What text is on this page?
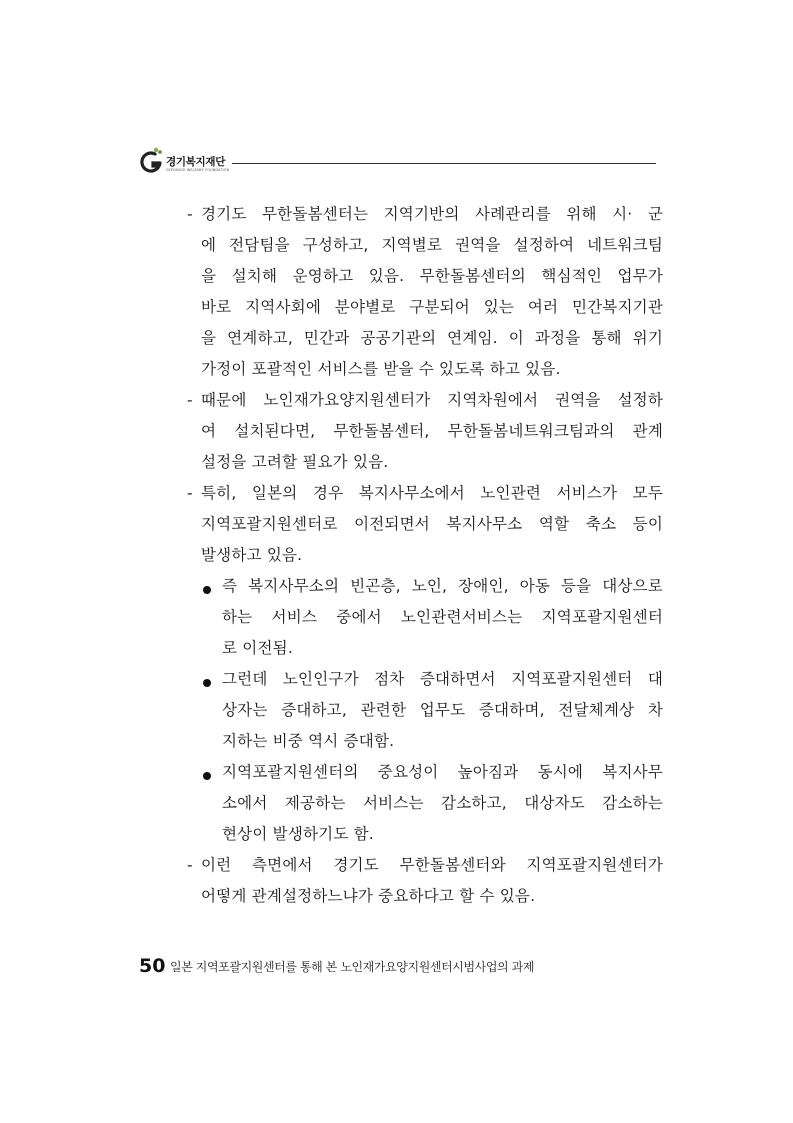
경기복지재단
GYEONGGI WELFARE FOUNDATION
- 경기도 무한돌봄센터는 지역기반의 사례관리를 위해 시· 군
에 전담팀을 구성하고, 지역별로 권역을 설정하여 네트워크팀
을 설치해 운영하고 있음. 무한돌봄센터의 핵심적인 업무가
바로 지역사회에 분야별로 구분되어 있는 여러 민간복지기관
을 연계하고, 민간과 공공기관의 연계임. 이 과정을 통해 위기
가정이 포괄적인 서비스를 받을 수 있도록 하고 있음.
- 때문에 노인재가요양지원센터가 지역차원에서 권역을 설정하
여 설치된다면, 무한돌봄센터, 무한돌봄네트워크팀과의 관계
설정을 고려할 필요가 있음.
- 특히, 일본의 경우 복지사무소에서 노인관련 서비스가 모두
지역포괄지원센터로 이전되면서 복지사무소 역할 축소 등이
발생하고 있음.
즉 복지사무소의 빈곤층, 노인, 장애인, 아동 등을 대상으로
하는 서비스 중에서 노인관련서비스는 지역포괄지원센터
로 이전됨.
그런데 노인인구가 점차 증대하면서 지역포괄지원센터 대
상자는 증대하고, 관련한 업무도 증대하며, 전달체계상 차
지하는 비중 역시 증대함.
지역포괄지원센터의 중요성이 높아짐과 동시에 복지사무
소에서 제공하는 서비스는 감소하고, 대상자도 감소하는
현상이 발생하기도 함.
- 이런 측면에서 경기도 무한돌봄센터와 지역포괄지원센터가
어떻게 관계설정하느냐가 중요하다고 할 수 있음.
50 일본 지역포괄지원센터를 통해 본 노인재가요양지원센터시범사업의 과제
